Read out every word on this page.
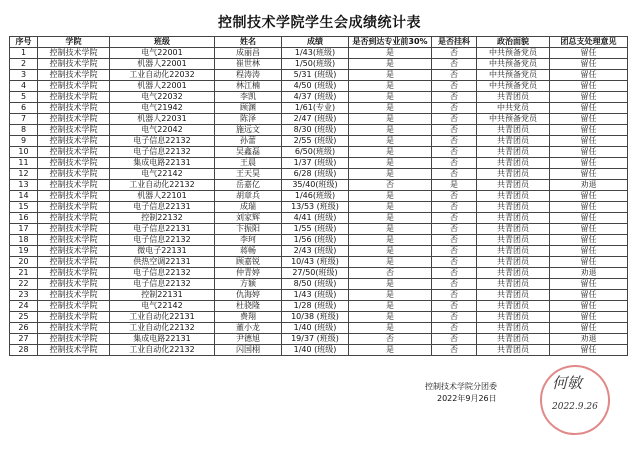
控制技术学院学生会成绩统计表
序号	学院	班级	姓名	成绩	是否到达专业前30%	是否挂科	政治面貌	团总支处理意见
1	控制技术学院	电气22001	成丽昌	1/43(班级)	是	否	中共预备党员	留任
2	控制技术学院	机器人22001	崔世林	1/50(班级)	是	否	中共预备党员	留任
3	控制技术学院	工业自动化22032	程涛涛	5/31 (班级)	是	否	中共预备党员	留任
4	控制技术学院	机器人22001	林江楠	4/50 (班级)	是	否	中共预备党员	留任
5	控制技术学院	电气22032	李凯	4/37 (班级)	是	否	共青团员	留任
6	控制技术学院	电气21942	顾渊	1/61(专业)	是	否	中共党员	留任
7	控制技术学院	机器人22031	陈泽	2/47 (班级)	是	否	中共预备党员	留任
8	控制技术学院	电气22042	施远文	8/30 (班级)	是	否	共青团员	留任
9	控制技术学院	电子信息22132	孙蕾	2/55 (班级)	是	否	共青团员	留任
10	控制技术学院	电子信息22132	吴鑫磊	6/50(班级)	是	否	共青团员	留任
11	控制技术学院	集成电路22131	王晨	1/37 (班级)	是	否	共青团员	留任
12	控制技术学院	电气22142	王天昊	6/28 (班级)	是	否	共青团员	留任
13	控制技术学院	工业自动化22132	岳嘉亿	35/40(班级)	否	是	共青团员	劝退
14	控制技术学院	机器人22101	胡章兵	1/46(班级)	是	否	共青团员	留任
15	控制技术学院	电子信息22131	成瑞	13/53 (班级)	是	否	共青团员	留任
16	控制技术学院	控制22132	刘家辉	4/41 (班级)	是	否	共青团员	留任
17	控制技术学院	电子信息22131	卞振阳	1/55 (班级)	是	否	共青团员	留任
18	控制技术学院	电子信息22132	李珂	1/56 (班级)	是	否	共青团员	留任
19	控制技术学院	微电子22131	蒋畅	2/43 (班级)	是	否	共青团员	留任
20	控制技术学院	供热空调22131	顾嘉锐	10/43 (班级)	是	否	共青团员	留任
21	控制技术学院	电子信息22132	仲青婷	27/50(班级)	否	否	共青团员	劝退
22	控制技术学院	电子信息22132	方颖	8/50 (班级)	是	否	共青团员	留任
23	控制技术学院	控制22131	仇海婷	1/43 (班级)	是	否	共青团员	留任
24	控制技术学院	电气22142	杜骁隆	1/28 (班级)	是	否	共青团员	留任
25	控制技术学院	工业自动化22131	费翔	10/38 (班级)	是	否	共青团员	留任
26	控制技术学院	工业自动化22132	董小龙	1/40 (班级)	是	否	共青团员	留任
27	控制技术学院	集成电路22131	尹德旭	19/37 (班级)	否	否	共青团员	劝退
28	控制技术学院	工业自动化22132	闪国栩	1/40 (班级)	是	否	共青团员	留任
控制技术学院分团委
2022年9月26日
何敏
2022.9.26
